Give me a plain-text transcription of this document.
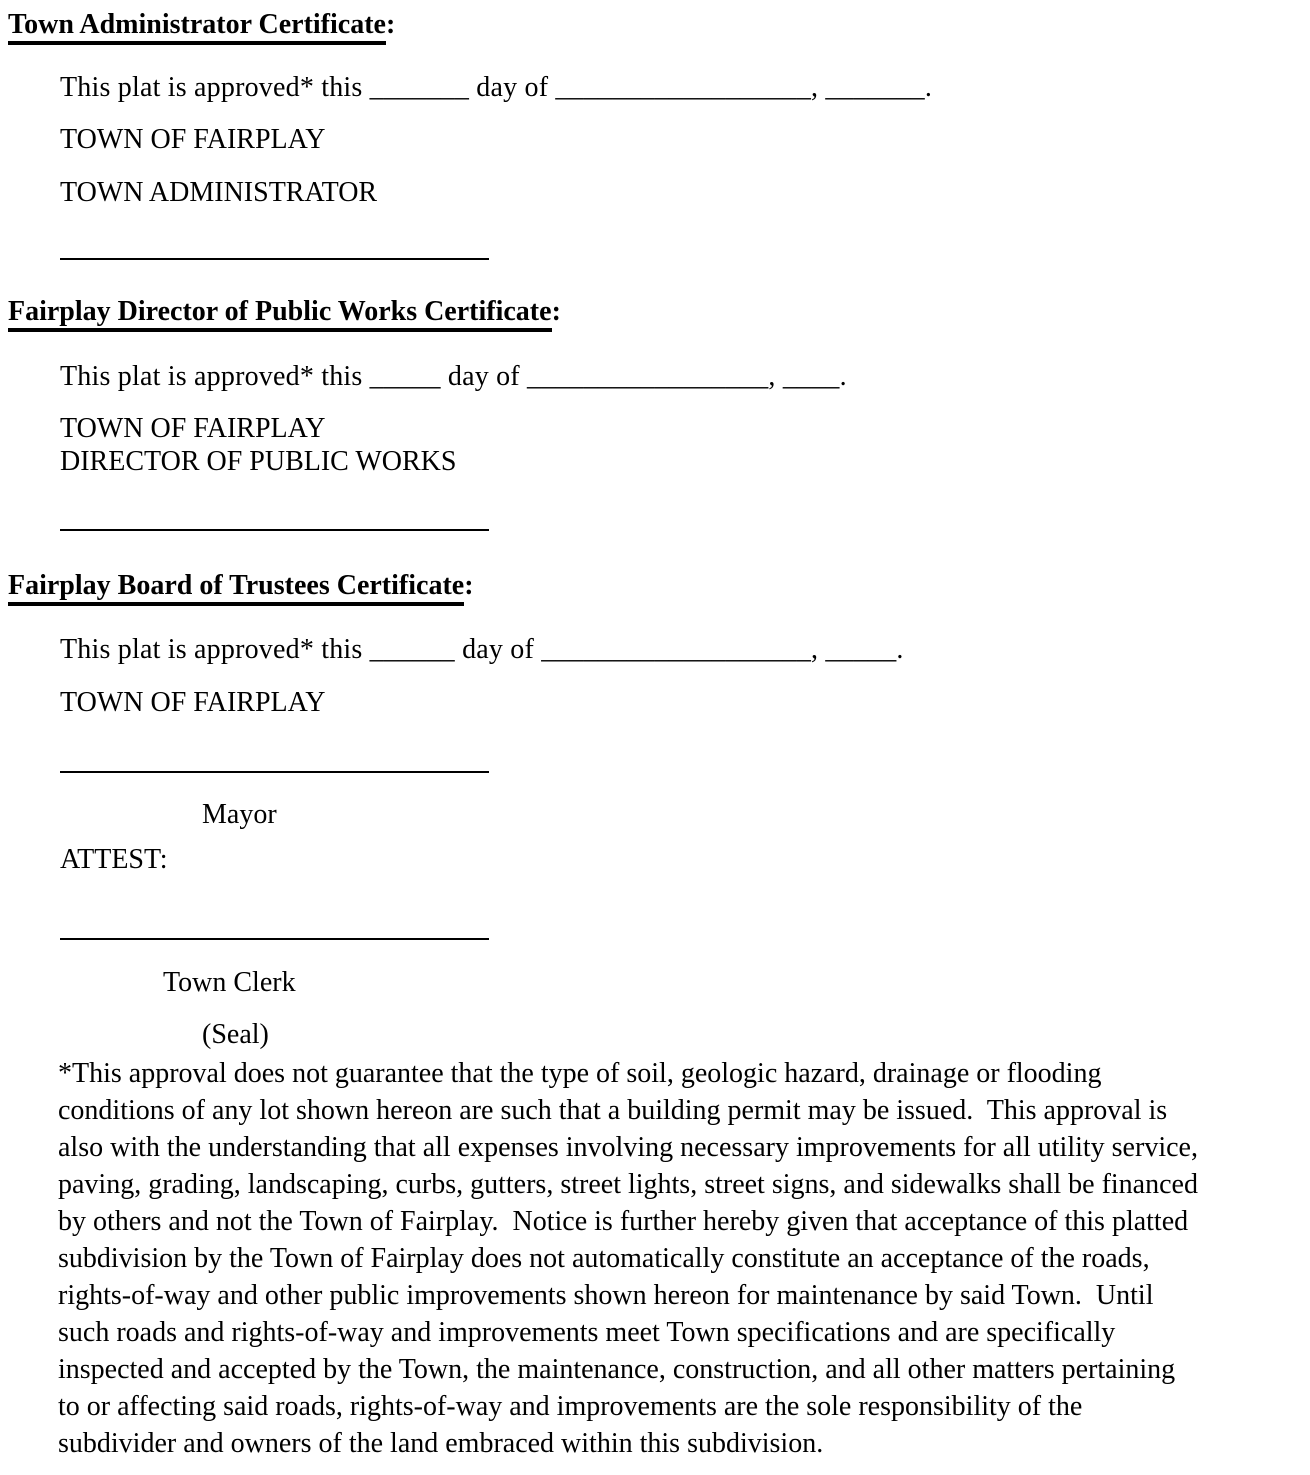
Town Administrator Certificate:
This plat is approved* this _______ day of __________________, _______.
TOWN OF FAIRPLAY
TOWN ADMINISTRATOR
Fairplay Director of Public Works Certificate:
This plat is approved* this _____ day of _________________, ____.
TOWN OF FAIRPLAY
DIRECTOR OF PUBLIC WORKS
Fairplay Board of Trustees Certificate:
This plat is approved* this ______ day of ___________________, _____.
TOWN OF FAIRPLAY
Mayor
ATTEST:
Town Clerk
(Seal)
*This approval does not guarantee that the type of soil, geologic hazard, drainage or flooding
conditions of any lot shown hereon are such that a building permit may be issued.  This approval is
also with the understanding that all expenses involving necessary improvements for all utility service,
paving, grading, landscaping, curbs, gutters, street lights, street signs, and sidewalks shall be financed
by others and not the Town of Fairplay.  Notice is further hereby given that acceptance of this platted
subdivision by the Town of Fairplay does not automatically constitute an acceptance of the roads,
rights-of-way and other public improvements shown hereon for maintenance by said Town.  Until
such roads and rights-of-way and improvements meet Town specifications and are specifically
inspected and accepted by the Town, the maintenance, construction, and all other matters pertaining
to or affecting said roads, rights-of-way and improvements are the sole responsibility of the
subdivider and owners of the land embraced within this subdivision.
